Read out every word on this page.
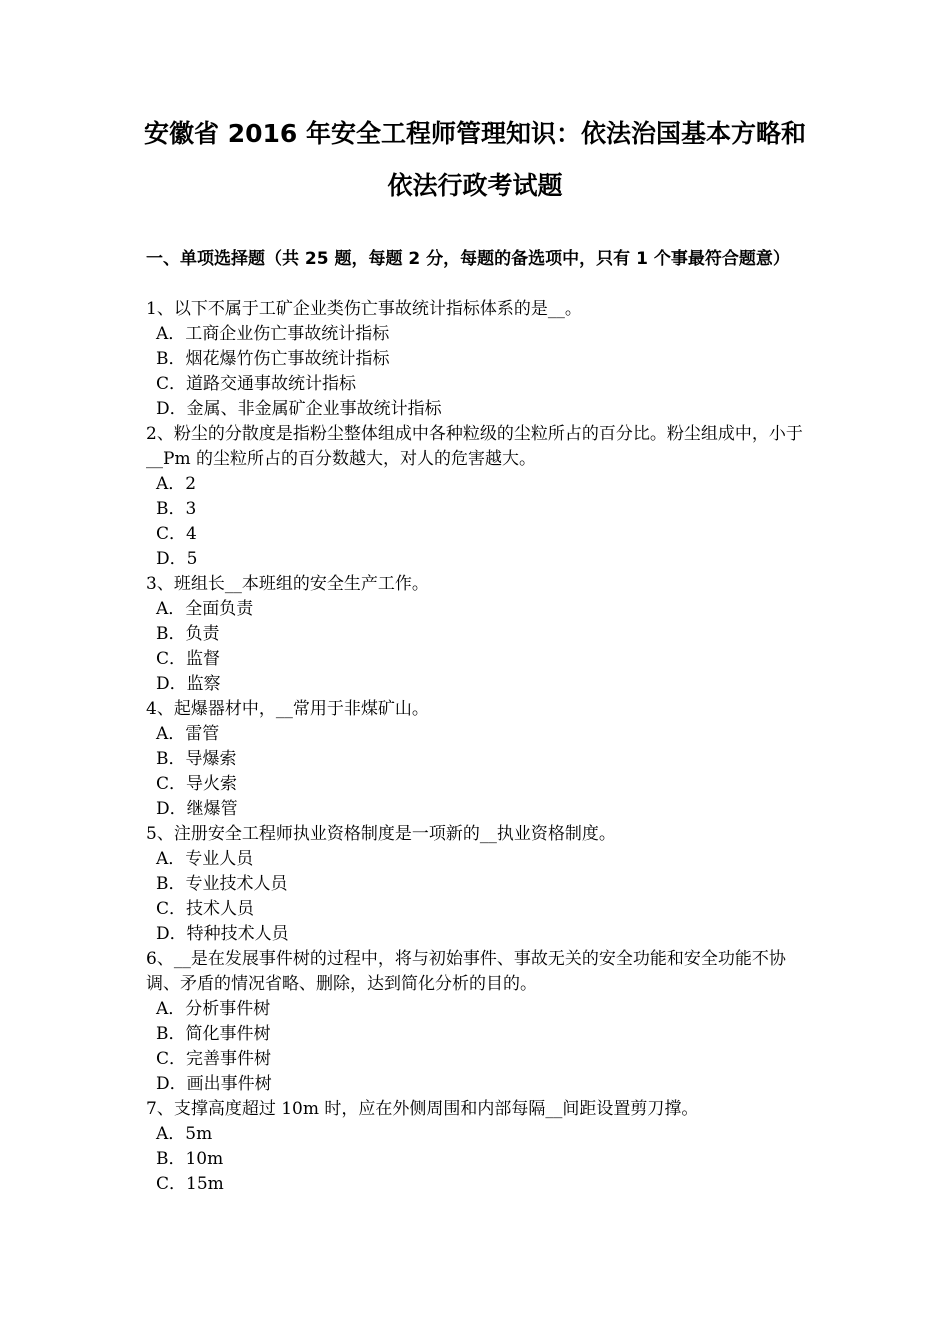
安徽省 2016 年安全工程师管理知识：依法治国基本方略和
依法行政考试题
一、单项选择题（共 25 题，每题 2 分，每题的备选项中，只有 1 个事最符合题意）
1、以下不属于工矿企业类伤亡事故统计指标体系的是__。
A．工商企业伤亡事故统计指标
B．烟花爆竹伤亡事故统计指标
C．道路交通事故统计指标
D．金属、非金属矿企业事故统计指标
2、粉尘的分散度是指粉尘整体组成中各种粒级的尘粒所占的百分比。粉尘组成中，小于__Pm 的尘粒所占的百分数越大，对人的危害越大。
A．2
B．3
C．4
D．5
3、班组长__本班组的安全生产工作。
A．全面负责
B．负责
C．监督
D．监察
4、起爆器材中，__常用于非煤矿山。
A．雷管
B．导爆索
C．导火索
D．继爆管
5、注册安全工程师执业资格制度是一项新的__执业资格制度。
A．专业人员
B．专业技术人员
C．技术人员
D．特种技术人员
6、__是在发展事件树的过程中，将与初始事件、事故无关的安全功能和安全功能不协调、矛盾的情况省略、删除，达到简化分析的目的。
A．分析事件树
B．简化事件树
C．完善事件树
D．画出事件树
7、支撑高度超过 10m 时，应在外侧周围和内部每隔__间距设置剪刀撑。
A．5m
B．10m
C．15m
